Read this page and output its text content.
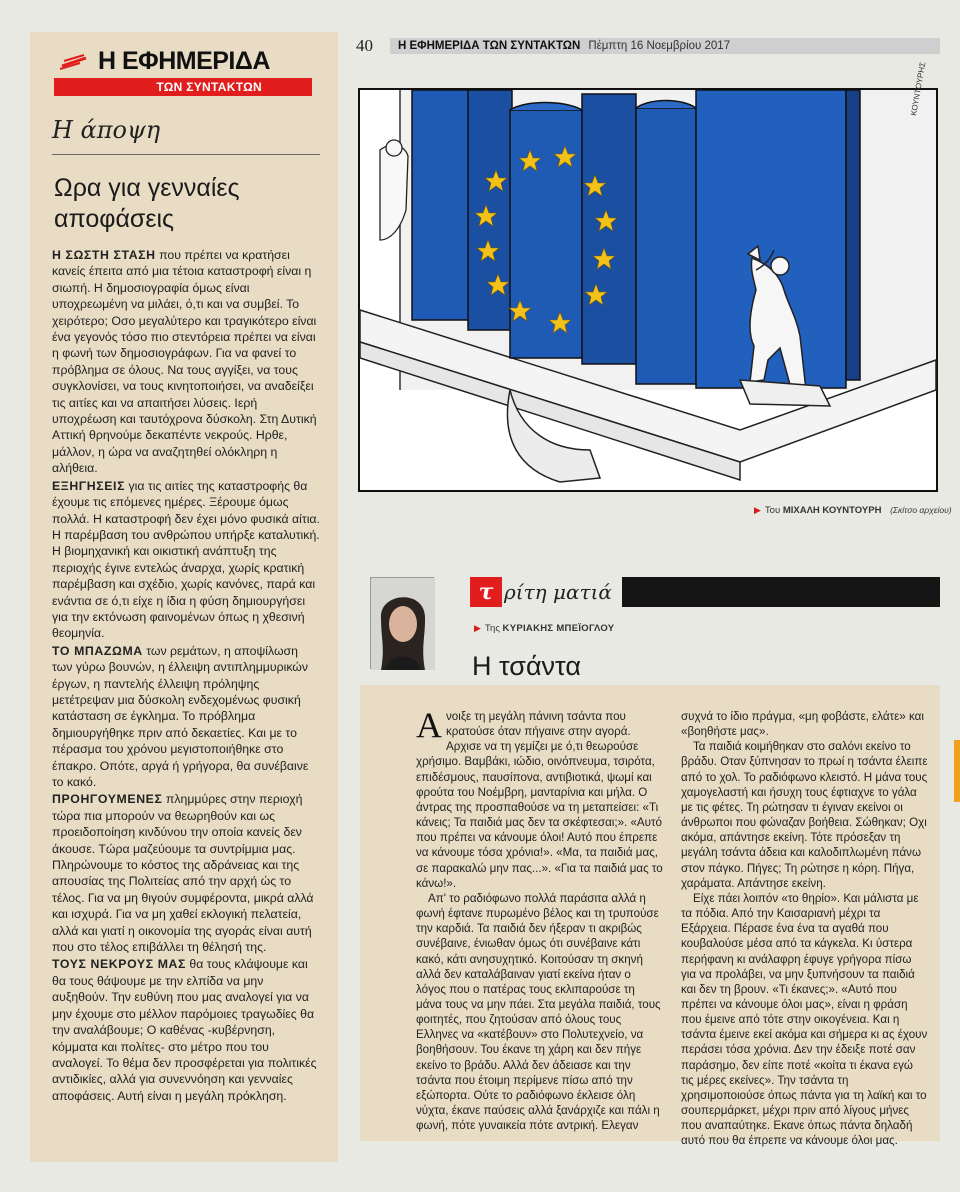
Η ΕΦΗΜΕΡΙΔΑ
ΤΩΝ ΣΥΝΤΑΚΤΩΝ
Η άποψη
Ωρα για γενναίες
αποφάσεις

Η ΣΩΣΤΗ ΣΤΑΣΗ που πρέπει να κρατήσει κανείς έπειτα από μια τέτοια καταστροφή είναι η σιωπή. Η δημοσιογραφία όμως είναι υποχρεωμένη να μιλάει, ό,τι και να συμβεί. Το χειρότερο; Οσο μεγαλύτερο και τραγικότερο είναι ένα γεγονός τόσο πιο στεντόρεια πρέπει να είναι η φωνή των δημοσιογράφων. Για να φανεί το πρόβλημα σε όλους. Να τους αγγίξει, να τους συγκλονίσει, να τους κινητοποιήσει, να αναδείξει τις αιτίες και να απαιτήσει λύσεις. Ιερή υποχρέωση και ταυτόχρονα δύσκολη. Στη Δυτική Αττική θρηνούμε δεκαπέντε νεκρούς. Ηρθε, μάλλον, η ώρα να αναζητηθεί ολόκληρη η αλήθεια.

ΕΞΗΓΗΣΕΙΣ για τις αιτίες της καταστροφής θα έχουμε τις επόμενες ημέρες. Ξέρουμε όμως πολλά. Η καταστροφή δεν έχει μόνο φυσικά αίτια. Η παρέμβαση του ανθρώπου υπήρξε καταλυτική. Η βιομηχανική και οικιστική ανάπτυξη της περιοχής έγινε εντελώς άναρχα, χωρίς κρατική παρέμβαση και σχέδιο, χωρίς κανόνες, παρά και ενάντια σε ό,τι είχε η ίδια η φύση δημιουργήσει για την εκτόνωση φαινομένων όπως η χθεσινή θεομηνία.

ΤΟ ΜΠΑΖΩΜΑ των ρεμάτων, η αποψίλωση των γύρω βουνών, η έλλειψη αντιπλημμυρικών έργων, η παντελής έλλειψη πρόληψης μετέτρεψαν μια δύσκολη ενδεχομένως φυσική κατάσταση σε έγκλημα. Το πρόβλημα δημιουργήθηκε πριν από δεκαετίες. Και με το πέρασμα του χρόνου μεγιστοποιήθηκε στο έπακρο. Οπότε, αργά ή γρήγορα, θα συνέβαινε το κακό.

ΠΡΟΗΓΟΥΜΕΝΕΣ πλημμύρες στην περιοχή τώρα πια μπορούν να θεωρηθούν και ως προειδοποίηση κινδύνου την οποία κανείς δεν άκουσε. Τώρα μαζεύουμε τα συντρίμμια μας. Πληρώνουμε το κόστος της αδράνειας και της απουσίας της Πολιτείας από την αρχή ώς το τέλος. Για να μη θιγούν συμφέροντα, μικρά αλλά και ισχυρά. Για να μη χαθεί εκλογική πελατεία, αλλά και γιατί η οικονομία της αγοράς είναι αυτή που στο τέλος επιβάλλει τη θέλησή της.

ΤΟΥΣ ΝΕΚΡΟΥΣ ΜΑΣ θα τους κλάψουμε και θα τους θάψουμε με την ελπίδα να μην αυξηθούν. Την ευθύνη που μας αναλογεί για να μην έχουμε στο μέλλον παρόμοιες τραγωδίες θα την αναλάβουμε; Ο καθένας -κυβέρνηση, κόμματα και πολίτες- στο μέτρο που του αναλογεί. Το θέμα δεν προσφέρεται για πολιτικές αντιδικίες, αλλά για συνεννόηση και γενναίες αποφάσεις. Αυτή είναι η μεγάλη πρόκληση.

40	Η ΕΦΗΜΕΡΙΔΑ ΤΩΝ ΣΥΝΤΑΚΤΩΝ Πέμπτη 16 Νοεμβρίου 2017
ΚΟΥΝΤΟΥΡΗΣ
▶ Του ΜΙΧΑΛΗ ΚΟΥΝΤΟΥΡΗ (Σκίτσο αρχείου)
τ ρίτη ματιά
▶ Της ΚΥΡΙΑΚΗΣ ΜΠΕΪΟΓΛΟΥ
Η τσάντα

Ανοιξε τη μεγάλη πάνινη τσάντα που κρατούσε όταν πήγαινε στην αγορά. Αρχισε να τη γεμίζει με ό,τι θεωρούσε χρήσιμο. Βαμβάκι, ιώδιο, οινόπνευμα, τσιρότα, επιδέσμους, παυσίπονα, αντιβιοτικά, ψωμί και φρούτα του Νοέμβρη, μανταρίνια και μήλα. Ο άντρας της προσπαθούσε να τη μεταπείσει: «Τι κάνεις; Τα παιδιά μας δεν τα σκέφτεσαι;». «Αυτό που πρέπει να κάνουμε όλοι! Αυτό που έπρεπε να κάνουμε τόσα χρόνια!». «Μα, τα παιδιά μας, σε παρακαλώ μην πας...». «Για τα παιδιά μας το κάνω!».

Απ' το ραδιόφωνο πολλά παράσιτα αλλά η φωνή έφτανε πυρωμένο βέλος και τη τρυπούσε την καρδιά. Τα παιδιά δεν ήξεραν τι ακριβώς συνέβαινε, ένιωθαν όμως ότι συνέβαινε κάτι κακό, κάτι ανησυχητικό. Κοιτούσαν τη σκηνή αλλά δεν καταλάβαιναν γιατί εκείνα ήταν ο λόγος που ο πατέρας τους εκλιπαρούσε τη μάνα τους να μην πάει. Στα μεγάλα παιδιά, τους φοιτητές, που ζητούσαν από όλους τους Ελληνες να «κατέβουν» στο Πολυτεχνείο, να βοηθήσουν. Του έκανε τη χάρη και δεν πήγε εκείνο το βράδυ. Αλλά δεν άδειασε και την τσάντα που έτοιμη περίμενε πίσω από την εξώπορτα. Ούτε το ραδιόφωνο έκλεισε όλη νύχτα, έκανε παύσεις αλλά ξανάρχιζε και πάλι η φωνή, πότε γυναικεία πότε αντρική. Ελεγαν συχνά το ίδιο πράγμα, «μη φοβάστε, ελάτε» και «βοηθήστε μας».

Τα παιδιά κοιμήθηκαν στο σαλόνι εκείνο το βράδυ. Οταν ξύπνησαν το πρωί η τσάντα έλειπε από το χολ. Το ραδιόφωνο κλειστό. Η μάνα τους χαμογελαστή και ήσυχη τους έφτιαχνε το γάλα με τις φέτες. Τη ρώτησαν τι έγιναν εκείνοι οι άνθρωποι που φώναζαν βοήθεια. Σώθηκαν; Οχι ακόμα, απάντησε εκείνη. Τότε πρόσεξαν τη μεγάλη τσάντα άδεια και καλοδιπλωμένη πάνω στον πάγκο. Πήγες; Τη ρώτησε η κόρη. Πήγα, χαράματα. Απάντησε εκείνη.

Είχε πάει λοιπόν «το θηρίο». Και μάλιστα με τα πόδια. Από την Καισαριανή μέχρι τα Εξάρχεια. Πέρασε ένα ένα τα αγαθά που κουβαλούσε μέσα από τα κάγκελα. Κι ύστερα περήφανη κι ανάλαφρη έφυγε γρήγορα πίσω για να προλάβει, να μην ξυπνήσουν τα παιδιά και δεν τη βρουν. «Τι έκανες;». «Αυτό που πρέπει να κάνουμε όλοι μας», είναι η φράση που έμεινε από τότε στην οικογένεια. Και η τσάντα έμεινε εκεί ακόμα και σήμερα κι ας έχουν περάσει τόσα χρόνια. Δεν την έδειξε ποτέ σαν παράσημο, δεν είπε ποτέ «κοίτα τι έκανα εγώ τις μέρες εκείνες». Την τσάντα τη χρησιμοποιούσε όπως πάντα για τη λαϊκή και το σουπερμάρκετ, μέχρι πριν από λίγους μήνες που αναπαύτηκε. Εκανε όπως πάντα δηλαδή αυτό που θα έπρεπε να κάνουμε όλοι μας.
